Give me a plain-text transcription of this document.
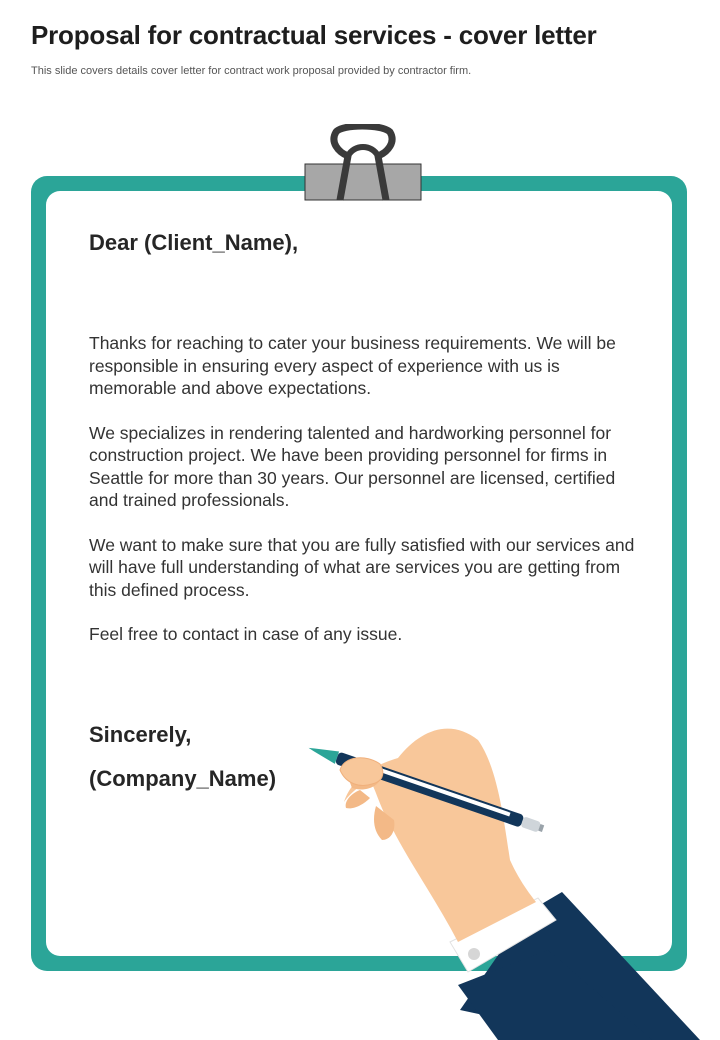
Proposal for contractual services - cover letter
This slide covers details cover letter for contract work proposal provided by contractor firm.
Dear (Client_Name),

Thanks for reaching to cater your business requirements. We will be responsible in ensuring every aspect of experience with us is memorable and above expectations.

We specializes in rendering talented and hardworking personnel for construction project. We have been providing personnel for firms in Seattle for more than 30 years. Our personnel are licensed, certified and trained professionals.

We want to make sure that you are fully satisfied with our services and will have full understanding of what are services you are getting from this defined process.

Feel free to contact in case of any issue.

Sincerely,
(Company_Name)
